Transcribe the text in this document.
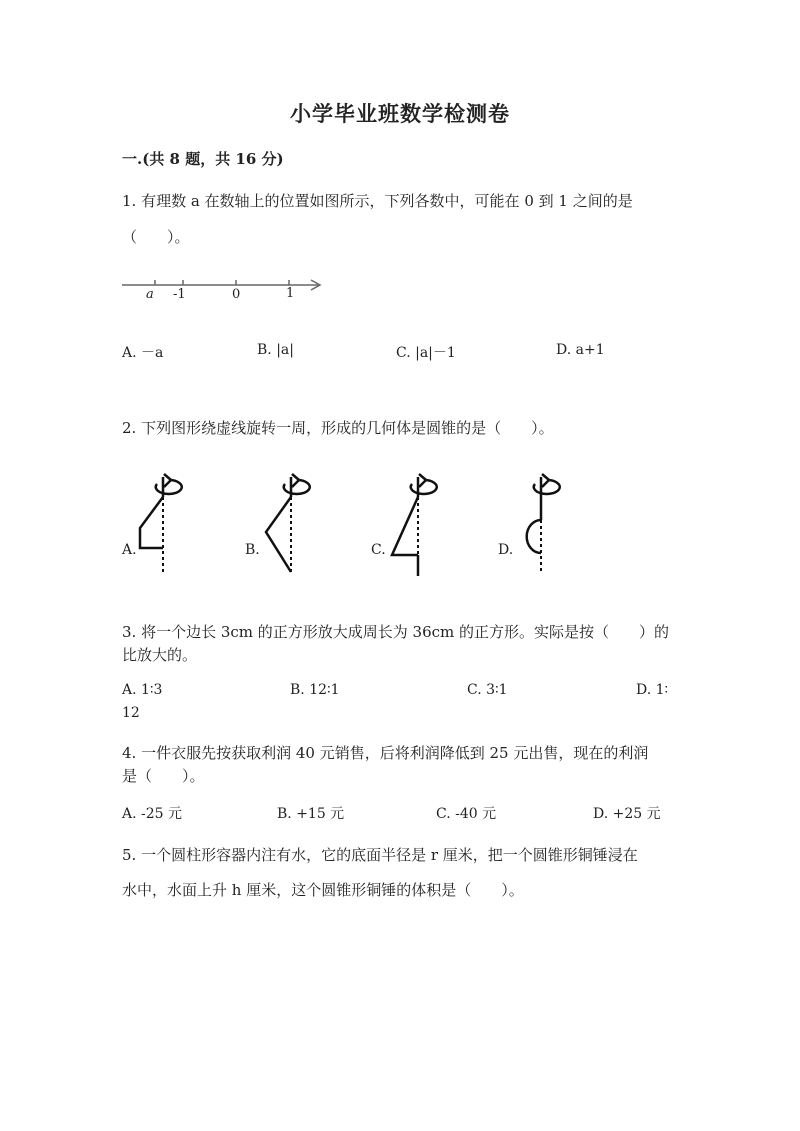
小学毕业班数学检测卷
一.(共 8 题，共 16 分)
1. 有理数 a 在数轴上的位置如图所示，下列各数中，可能在 0 到 1 之间的是
（　　）。
a -1	0	1
A. －a	B. |a|	C. |a|－1	D. a+1
2. 下列图形绕虚线旋转一周，形成的几何体是圆锥的是（　　）。
A.	B.	C.	D.
3. 将一个边长 3cm 的正方形放大成周长为 36cm 的正方形。实际是按（　　）的
比放大的。
A. 1∶3	B. 12∶1	C. 3∶1	D. 1∶
12
4. 一件衣服先按获取利润 40 元销售，后将利润降低到 25 元出售，现在的利润
是（　　）。
A. -25 元	B. +15 元	C. -40 元	D. +25 元
5. 一个圆柱形容器内注有水，它的底面半径是 r 厘米，把一个圆锥形铜锤浸在
水中，水面上升 h 厘米，这个圆锥形铜锤的体积是（　　）。
